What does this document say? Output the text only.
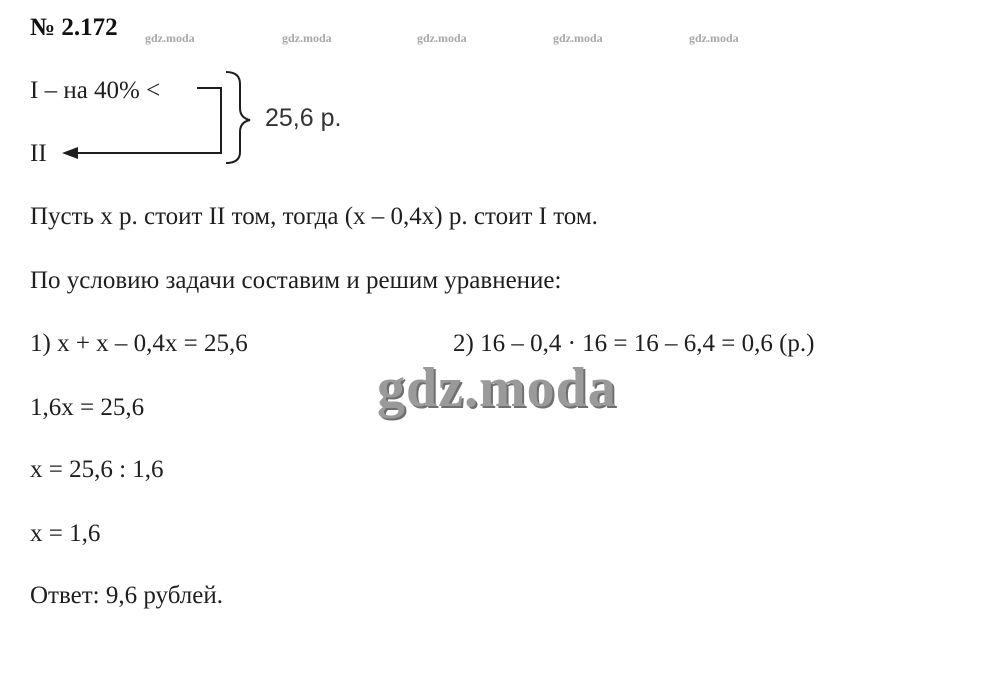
№ 2.172 gdz.moda	gdz.moda	gdz.moda	gdz.moda	gdz.moda
I – на 40% <
II
25,6 р.
Пусть x р. стоит II том, тогда (x – 0,4x) р. стоит I том.
По условию задачи составим и решим уравнение:
1) x + x – 0,4x = 25,6	2) 16 – 0,4 · 16 = 16 – 6,4 = 0,6 (р.)
1,6x = 25,6
x = 25,6 : 1,6
x = 1,6
Ответ: 9,6 рублей.
gdz.moda
